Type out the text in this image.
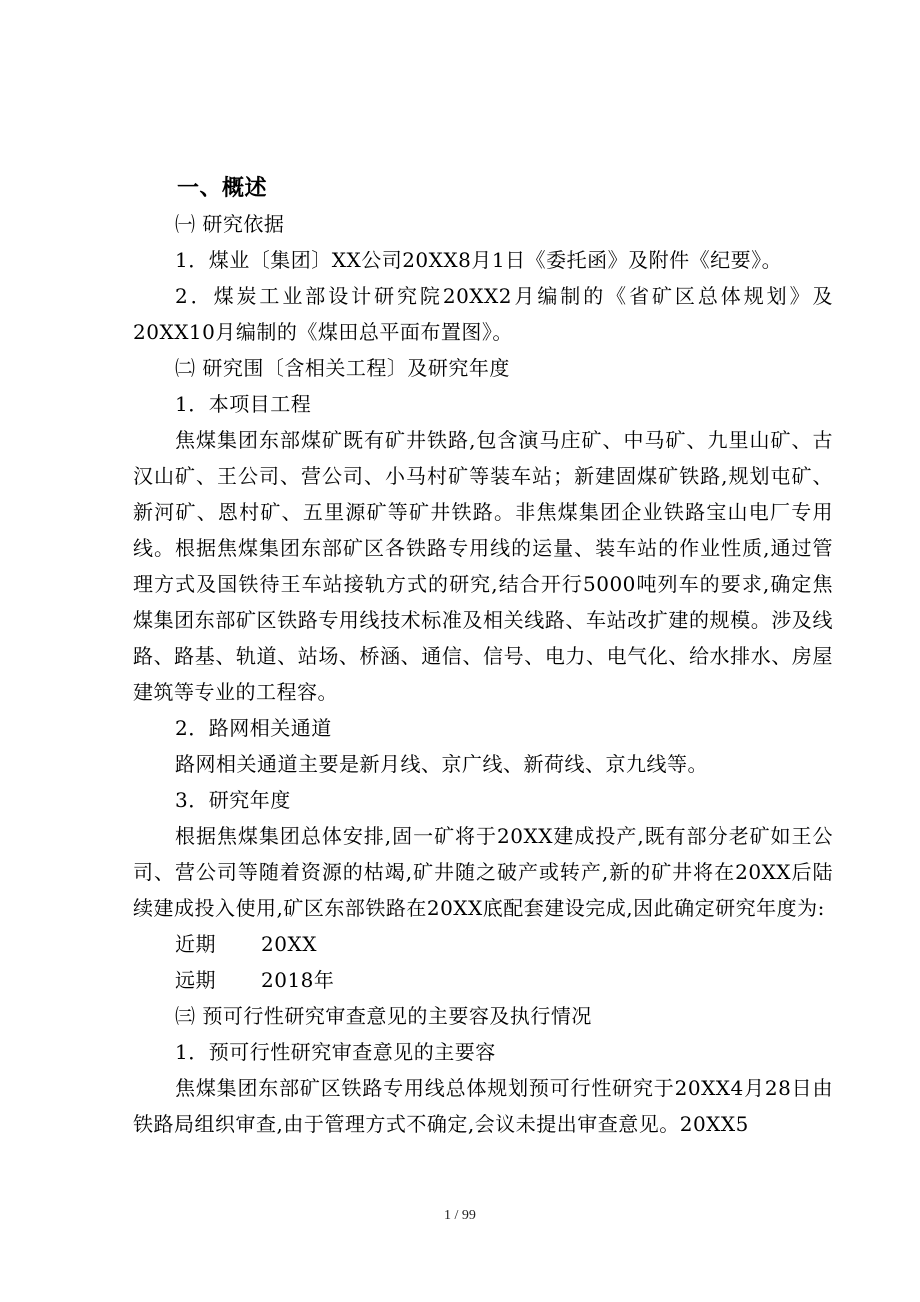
一、概述
㈠ 研究依据

1．煤业〔集团〕XX公司20XX8月1日《委托函》及附件《纪要》。

2．煤炭工业部设计研究院20XX2月编制的《省矿区总体规划》及20XX10月编制的《煤田总平面布置图》。

㈡ 研究围〔含相关工程〕及研究年度
1．本项目工程

焦煤集团东部煤矿既有矿井铁路,包含演马庄矿、中马矿、九里山矿、古汉山矿、王公司、营公司、小马村矿等装车站；新建固煤矿铁路,规划屯矿、新河矿、恩村矿、五里源矿等矿井铁路。非焦煤集团企业铁路宝山电厂专用线。根据焦煤集团东部矿区各铁路专用线的运量、装车站的作业性质,通过管理方式及国铁待王车站接轨方式的研究,结合开行5000吨列车的要求,确定焦煤集团东部矿区铁路专用线技术标准及相关线路、车站改扩建的规模。涉及线路、路基、轨道、站场、桥涵、通信、信号、电力、电气化、给水排水、房屋建筑等专业的工程容。

2．路网相关通道

路网相关通道主要是新月线、京广线、新荷线、京九线等。

3．研究年度

根据焦煤集团总体安排,固一矿将于20XX建成投产,既有部分老矿如王公司、营公司等随着资源的枯竭,矿井随之破产或转产,新的矿井将在20XX后陆续建成投入使用,矿区东部铁路在20XX底配套建设完成,因此确定研究年度为:

近期	20XX
远期	2018年
㈢ 预可行性研究审查意见的主要容及执行情况
1．预可行性研究审查意见的主要容

焦煤集团东部矿区铁路专用线总体规划预可行性研究于20XX4月28日由铁路局组织审查,由于管理方式不确定,会议未提出审查意见。20XX5

1 / 99
